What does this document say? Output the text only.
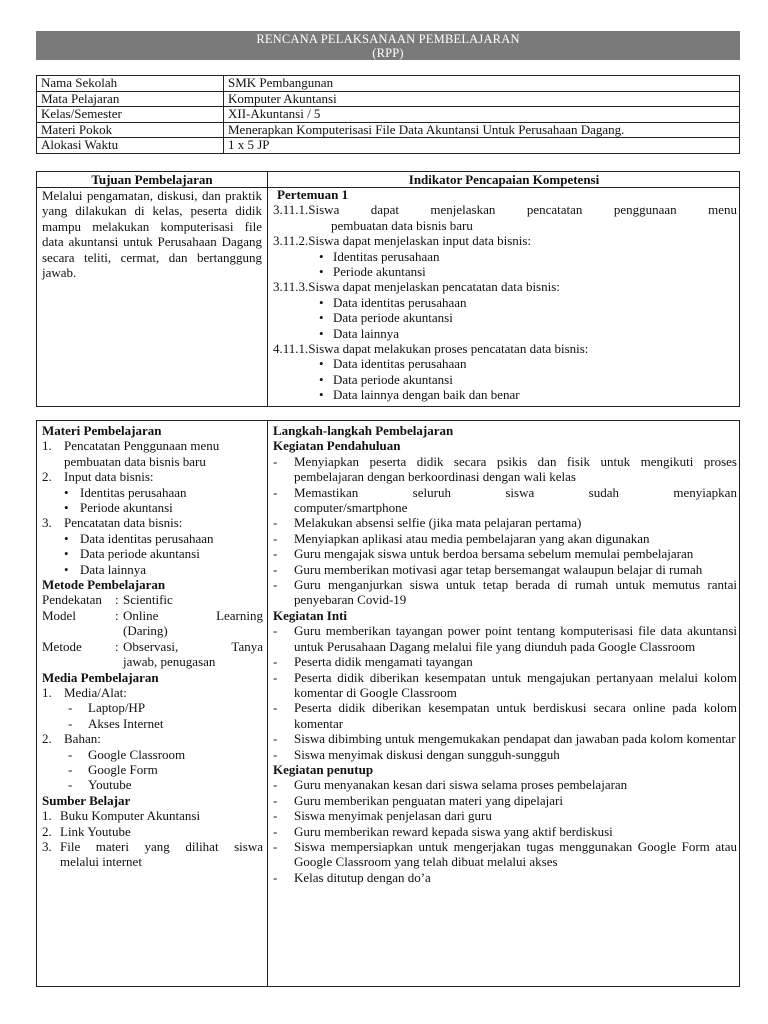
RENCANA PELAKSANAAN PEMBELAJARAN
(RPP)
Nama Sekolah	SMK Pembangunan
Mata Pelajaran	Komputer Akuntansi
Kelas/Semester	XII-Akuntansi / 5
Materi Pokok	Menerapkan Komputerisasi File Data Akuntansi Untuk Perusahaan Dagang.
Alokasi Waktu	1 x 5 JP
Tujuan Pembelajaran	Indikator Pencapaian Kompetensi
Melalui pengamatan, diskusi, dan praktik yang dilakukan di kelas, peserta didik mampu melakukan komputerisasi file data akuntansi untuk Perusahaan Dagang secara teliti, cermat, dan bertanggung jawab.
Pertemuan 1
3.11.1. Siswa dapat menjelaskan pencatatan penggunaan menu
pembuatan data bisnis baru
3.11.2. Siswa dapat menjelaskan input data bisnis:
• Identitas perusahaan
• Periode akuntansi
3.11.3. Siswa dapat menjelaskan pencatatan data bisnis:
• Data identitas perusahaan
• Data periode akuntansi
• Data lainnya
4.11.1. Siswa dapat melakukan proses pencatatan data bisnis:
• Data identitas perusahaan
• Data periode akuntansi
• Data lainnya dengan baik dan benar
Materi Pembelajaran
1. Pencatatan Penggunaan menu
pembuatan data bisnis baru
2. Input data bisnis:
• Identitas perusahaan
• Periode akuntansi
3. Pencatatan data bisnis:
• Data identitas perusahaan
• Data periode akuntansi
• Data lainnya
Metode Pembelajaran
Pendekatan	: Scientific
Model	: Online	Learning
(Daring)
Metode	: Observasi,	Tanya
jawab, penugasan
Media Pembelajaran
1. Media/Alat:
-	Laptop/HP
-	Akses Internet
2. Bahan:
-	Google Classroom
-	Google Form
-	Youtube
Sumber Belajar
1. Buku Komputer Akuntansi
2. Link Youtube
3. File materi yang dilihat siswa
melalui internet
Langkah-langkah Pembelajaran
Kegiatan Pendahuluan
-	Menyiapkan peserta didik secara psikis dan fisik untuk mengikuti proses pembelajaran dengan berkoordinasi dengan wali kelas
-	Memastikan	seluruh	siswa	sudah	menyiapkan
computer/smartphone
-	Melakukan absensi selfie (jika mata pelajaran pertama)
-	Menyiapkan aplikasi atau media pembelajaran yang akan digunakan
-	Guru mengajak siswa untuk berdoa bersama sebelum memulai pembelajaran
-	Guru memberikan motivasi agar tetap bersemangat walaupun belajar di rumah
-	Guru menganjurkan siswa untuk tetap berada di rumah untuk memutus rantai penyebaran Covid-19
Kegiatan Inti
-	Guru memberikan tayangan power point tentang komputerisasi file data akuntansi untuk Perusahaan Dagang melalui file yang diunduh pada Google Classroom
-	Peserta didik mengamati tayangan
-	Peserta didik diberikan kesempatan untuk mengajukan pertanyaan melalui kolom komentar di Google Classroom
-	Peserta didik diberikan kesempatan untuk berdiskusi secara online pada kolom komentar
-	Siswa dibimbing untuk mengemukakan pendapat dan jawaban pada kolom komentar
-	Siswa menyimak diskusi dengan sungguh-sungguh
Kegiatan penutup
-	Guru menyanakan kesan dari siswa selama proses pembelajaran
-	Guru memberikan penguatan materi yang dipelajari
-	Siswa menyimak penjelasan dari guru
-	Guru memberikan reward kepada siswa yang aktif berdiskusi
-	Siswa mempersiapkan untuk mengerjakan tugas menggunakan Google Form atau Google Classroom yang telah dibuat melalui akses
-	Kelas ditutup dengan do’a
